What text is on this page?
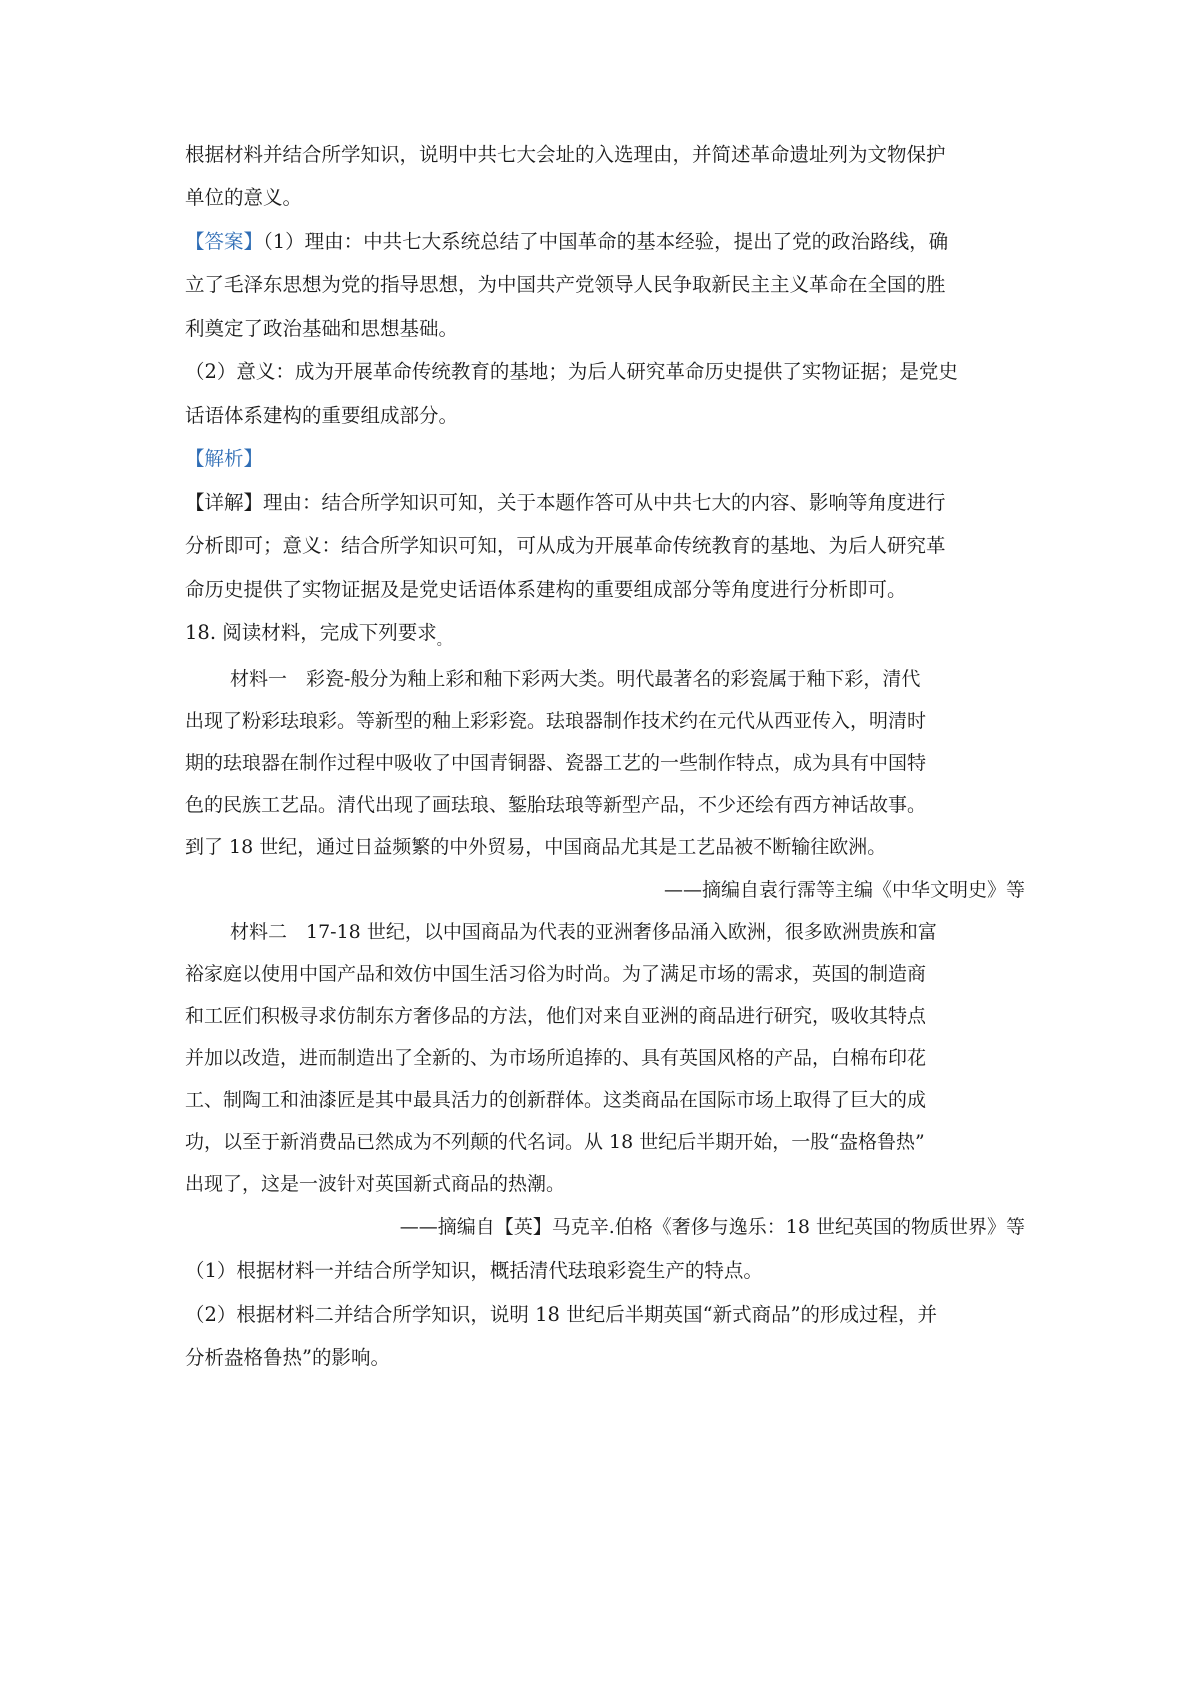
根据材料并结合所学知识，说明中共七大会址的入选理由，并简述革命遗址列为文物保护
单位的意义。
【答案】（1）理由：中共七大系统总结了中国革命的基本经验，提出了党的政治路线，确
立了毛泽东思想为党的指导思想，为中国共产党领导人民争取新民主主义革命在全国的胜
利奠定了政治基础和思想基础。
（2）意义：成为开展革命传统教育的基地；为后人研究革命历史提供了实物证据；是党史
话语体系建构的重要组成部分。
【解析】
【详解】理由：结合所学知识可知，关于本题作答可从中共七大的内容、影响等角度进行
分析即可；意义：结合所学知识可知，可从成为开展革命传统教育的基地、为后人研究革
命历史提供了实物证据及是党史话语体系建构的重要组成部分等角度进行分析即可。
18. 阅读材料，完成下列要求$_。$
材料一　彩瓷-般分为釉上彩和釉下彩两大类。明代最著名的彩瓷属于釉下彩，清代
出现了粉彩珐琅彩。等新型的釉上彩彩瓷。珐琅器制作技术约在元代从西亚传入，明清时
期的珐琅器在制作过程中吸收了中国青铜器、瓷器工艺的一些制作特点，成为具有中国特
色的民族工艺品。清代出现了画珐琅、錾胎珐琅等新型产品，不少还绘有西方神话故事。
到了 18 世纪，通过日益频繁的中外贸易，中国商品尤其是工艺品被不断输往欧洲。
——摘编自袁行霈等主编《中华文明史》等
材料二　17-18 世纪，以中国商品为代表的亚洲奢侈品涌入欧洲，很多欧洲贵族和富
裕家庭以使用中国产品和效仿中国生活习俗为时尚。为了满足市场的需求，英国的制造商
和工匠们积极寻求仿制东方奢侈品的方法，他们对来自亚洲的商品进行研究，吸收其特点
并加以改造，进而制造出了全新的、为市场所追捧的、具有英国风格的产品，白棉布印花
工、制陶工和油漆匠是其中最具活力的创新群体。这类商品在国际市场上取得了巨大的成
功，以至于新消费品已然成为不列颠的代名词。从 18 世纪后半期开始，一股“盎格鲁热”
出现了，这是一波针对英国新式商品的热潮。
——摘编自【英】马克辛.伯格《奢侈与逸乐：18 世纪英国的物质世界》等
（1）根据材料一并结合所学知识，概括清代珐琅彩瓷生产的特点。
（2）根据材料二并结合所学知识，说明 18 世纪后半期英国“新式商品”的形成过程，并
分析盎格鲁热”的影响。
